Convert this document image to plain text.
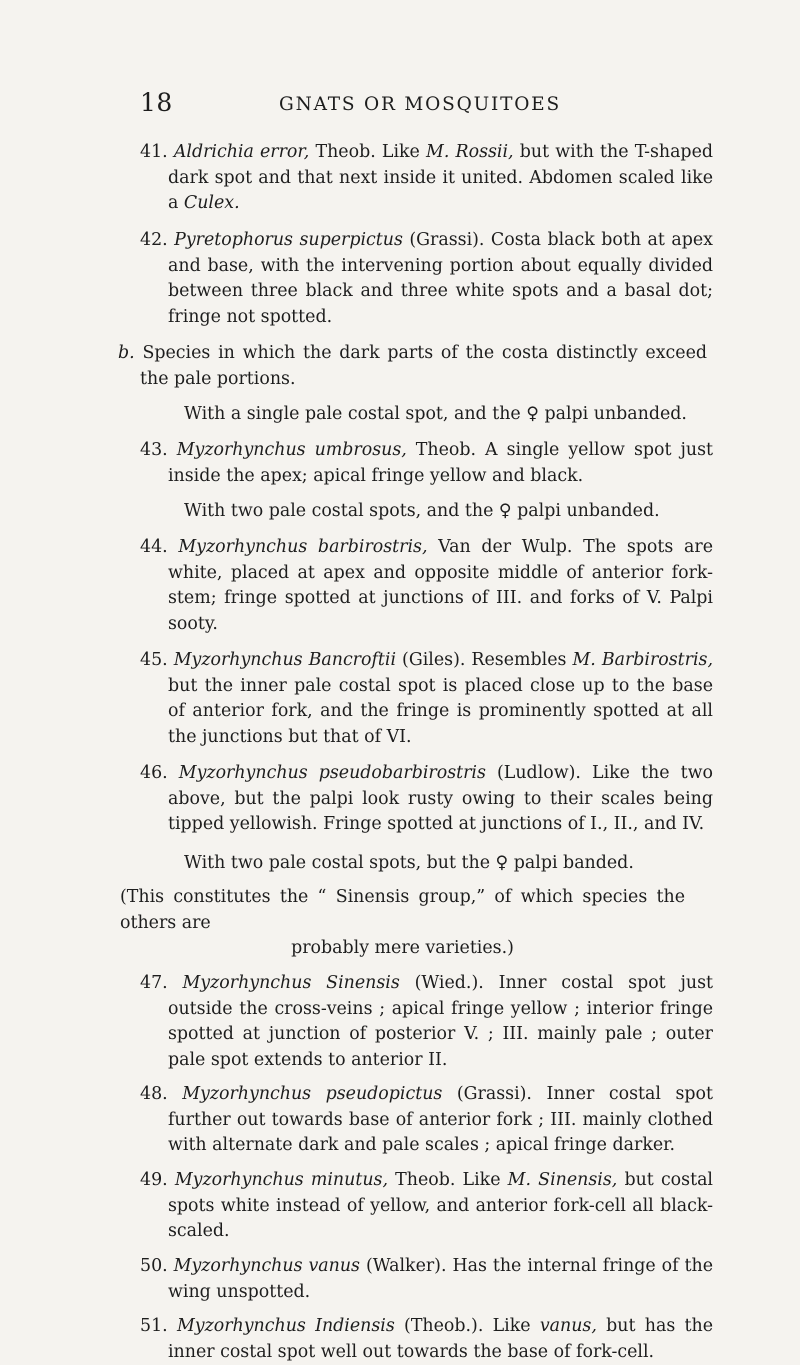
18	GNATS OR MOSQUITOES

41. Aldrichia error, Theob. Like M. Rossii, but with the T-shaped dark spot and that next inside it united. Abdomen scaled like a Culex.

42. Pyretophorus superpictus (Grassi). Costa black both at apex and base, with the intervening portion about equally divided between three black and three white spots and a basal dot; fringe not spotted.

b. Species in which the dark parts of the costa distinctly exceed the pale portions.

With a single pale costal spot, and the ♀ palpi unbanded.

43. Myzorhynchus umbrosus, Theob. A single yellow spot just inside the apex; apical fringe yellow and black.

With two pale costal spots, and the ♀ palpi unbanded.

44. Myzorhynchus barbirostris, Van der Wulp. The spots are white, placed at apex and opposite middle of anterior fork-stem; fringe spotted at junctions of III. and forks of V. Palpi sooty.

45. Myzorhynchus Bancroftii (Giles). Resembles M. Barbirostris, but the inner pale costal spot is placed close up to the base of anterior fork, and the fringe is prominently spotted at all the junctions but that of VI.

46. Myzorhynchus pseudobarbirostris (Ludlow). Like the two above, but the palpi look rusty owing to their scales being tipped yellowish. Fringe spotted at junctions of I., II., and IV.

With two pale costal spots, but the ♀ palpi banded.

(This constitutes the “ Sinensis group,” of which species the others are
probably mere varieties.)

47. Myzorhynchus Sinensis (Wied.). Inner costal spot just outside the cross-veins ; apical fringe yellow ; interior fringe spotted at junction of posterior V. ; III. mainly pale ; outer pale spot extends to anterior II.

48. Myzorhynchus pseudopictus (Grassi). Inner costal spot further out towards base of anterior fork ; III. mainly clothed with alternate dark and pale scales ; apical fringe darker.

49. Myzorhynchus minutus, Theob. Like M. Sinensis, but costal spots white instead of yellow, and anterior fork-cell all black-scaled.

50. Myzorhynchus vanus (Walker). Has the internal fringe of the wing unspotted.

51. Myzorhynchus Indiensis (Theob.). Like vanus, but has the inner costal spot well out towards the base of fork-cell.
